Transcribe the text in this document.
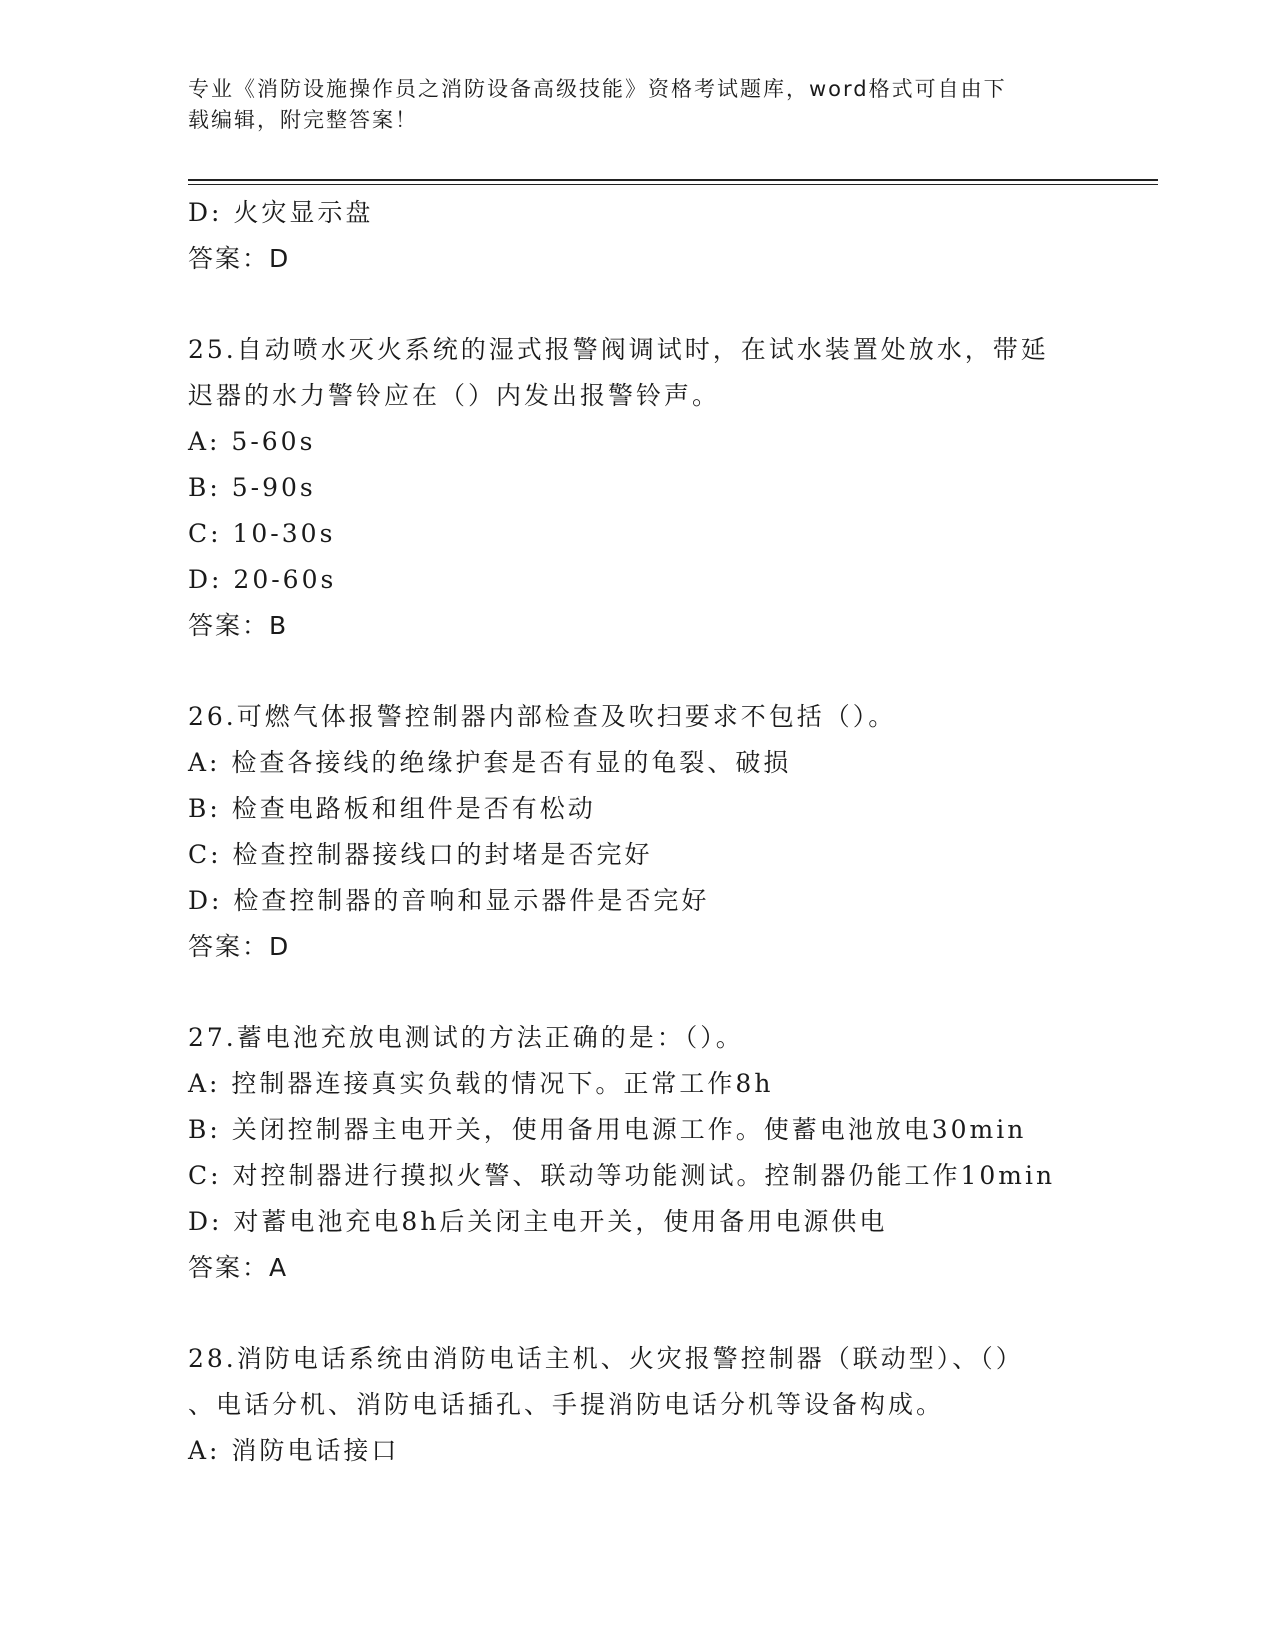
专业《消防设施操作员之消防设备高级技能》资格考试题库，word格式可自由下
载编辑，附完整答案！
D: 火灾显示盘
答案：D
25.自动喷水灭火系统的湿式报警阀调试时，在试水装置处放水，带延
迟器的水力警铃应在（）内发出报警铃声。
A: 5-60s
B: 5-90s
C: 10-30s
D: 20-60s
答案：B
26.可燃气体报警控制器内部检查及吹扫要求不包括（）。
A: 检查各接线的绝缘护套是否有显的龟裂、破损
B: 检查电路板和组件是否有松动
C: 检查控制器接线口的封堵是否完好
D: 检查控制器的音响和显示器件是否完好
答案：D
27.蓄电池充放电测试的方法正确的是：（）。
A: 控制器连接真实负载的情况下。正常工作8h
B: 关闭控制器主电开关，使用备用电源工作。使蓄电池放电30min
C: 对控制器进行摸拟火警、联动等功能测试。控制器仍能工作10min
D: 对蓄电池充电8h后关闭主电开关，使用备用电源供电
答案：A
28.消防电话系统由消防电话主机、火灾报警控制器（联动型）、（）
、电话分机、消防电话插孔、手提消防电话分机等设备构成。
A: 消防电话接口
